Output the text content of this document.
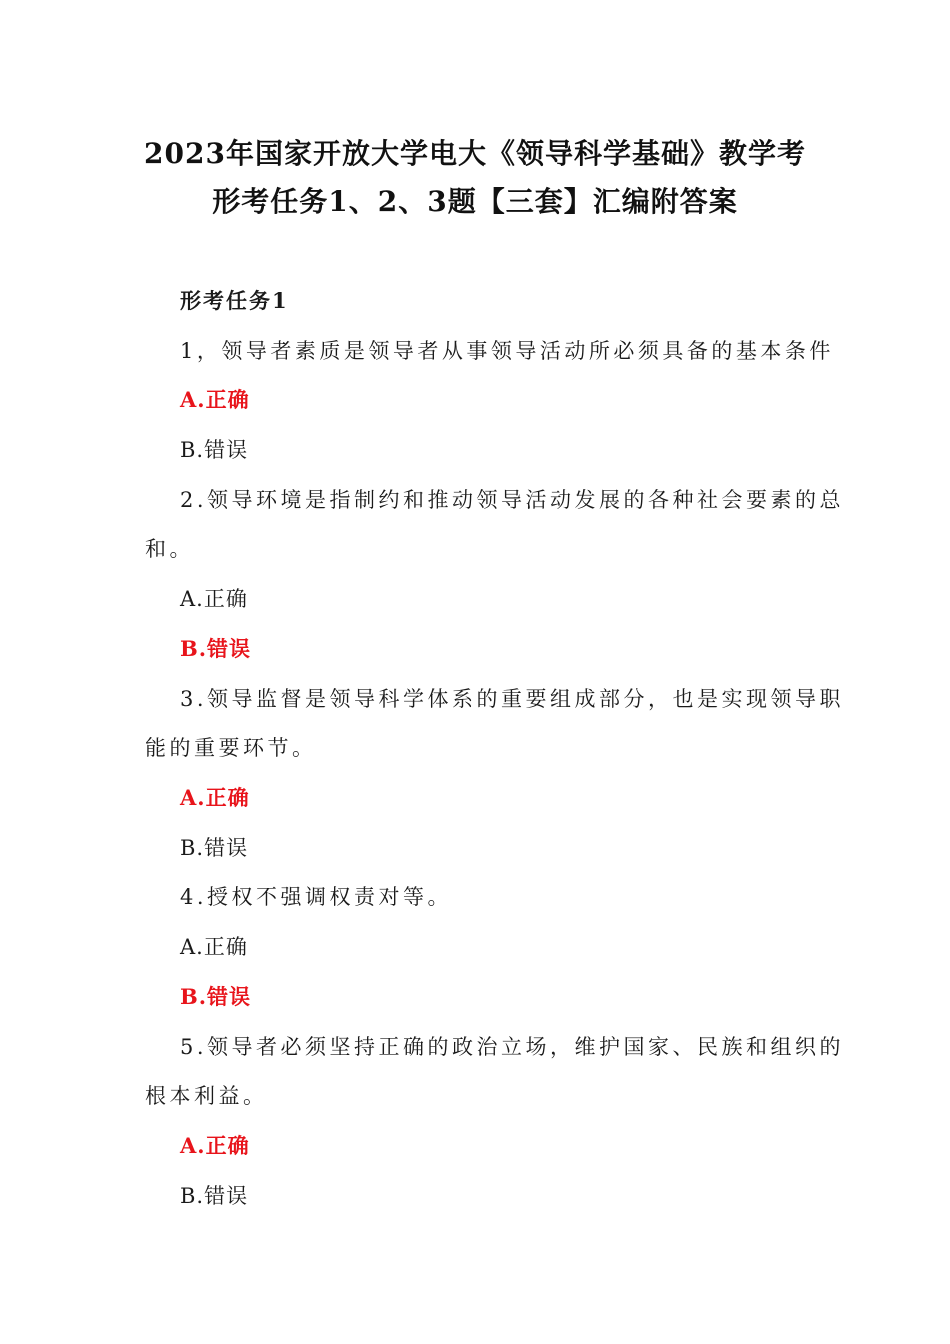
2023年国家开放大学电大《领导科学基础》教学考
形考任务1、2、3题【三套】汇编附答案
形考任务1
1，领导者素质是领导者从事领导活动所必须具备的基本条件
A.正确
B.错误
2.领导环境是指制约和推动领导活动发展的各种社会要素的总
和。
A.正确
B.错误
3.领导监督是领导科学体系的重要组成部分，也是实现领导职
能的重要环节。
A.正确
B.错误
4.授权不强调权责对等。
A.正确
B.错误
5.领导者必须坚持正确的政治立场，维护国家、民族和组织的
根本利益。
A.正确
B.错误
